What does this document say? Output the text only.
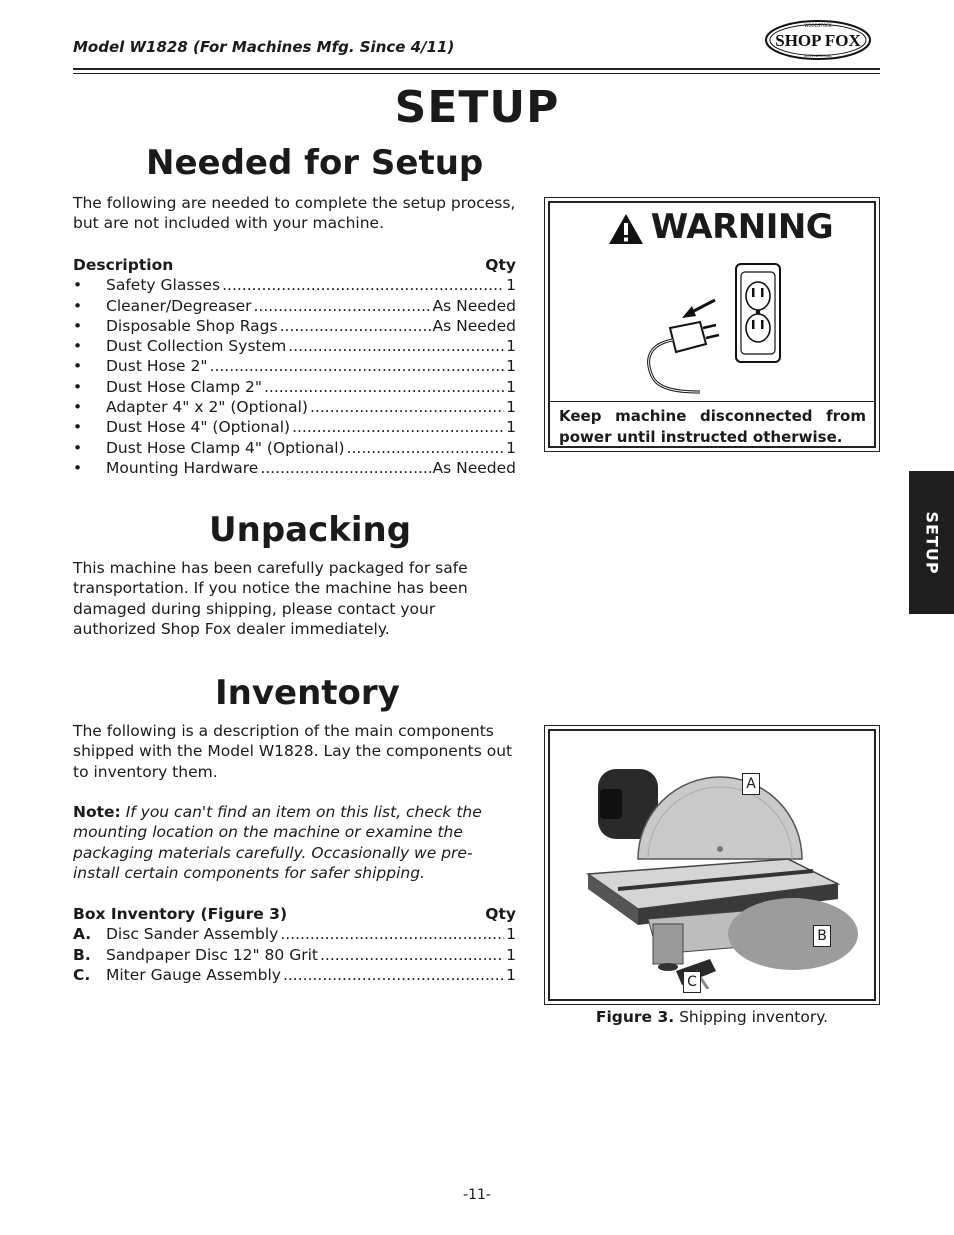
Model W1828 (For Machines Mfg. Since 4/11)	SHOP FOX
WOODSTOCK
INTERNATIONAL
SETUP
Needed for Setup
The following are needed to complete the setup process, but are not included with your machine.
Description	Qty
•	Safety Glasses .....	1
•	Cleaner/Degreaser .....	As Needed
•	Disposable Shop Rags .....	As Needed
•	Dust Collection System .....	1
•	Dust Hose 2" .....	1
•	Dust Hose Clamp 2" .....	1
•	Adapter 4" x 2" (Optional) .....	1
•	Dust Hose 4" (Optional) .....	1
•	Dust Hose Clamp 4" (Optional) .....	1
•	Mounting Hardware .....	As Needed
WARNING
Keep machine disconnected from power until instructed otherwise.
Unpacking
This machine has been carefully packaged for safe transportation. If you notice the machine has been damaged during shipping, please contact your authorized Shop Fox dealer immediately.
Inventory
The following is a description of the main components shipped with the Model W1828. Lay the components out to inventory them.
Note: If you can't find an item on this list, check the mounting location on the machine or examine the packaging materials carefully. Occasionally we pre-install certain components for safer shipping.
Box Inventory (Figure 3)	Qty
A. Disc Sander Assembly .....	1
B. Sandpaper Disc 12" 80 Grit .....	1
C.	Miter Gauge Assembly .....	1
A
B
C
Figure 3. Shipping inventory.
SETUP
-11-
